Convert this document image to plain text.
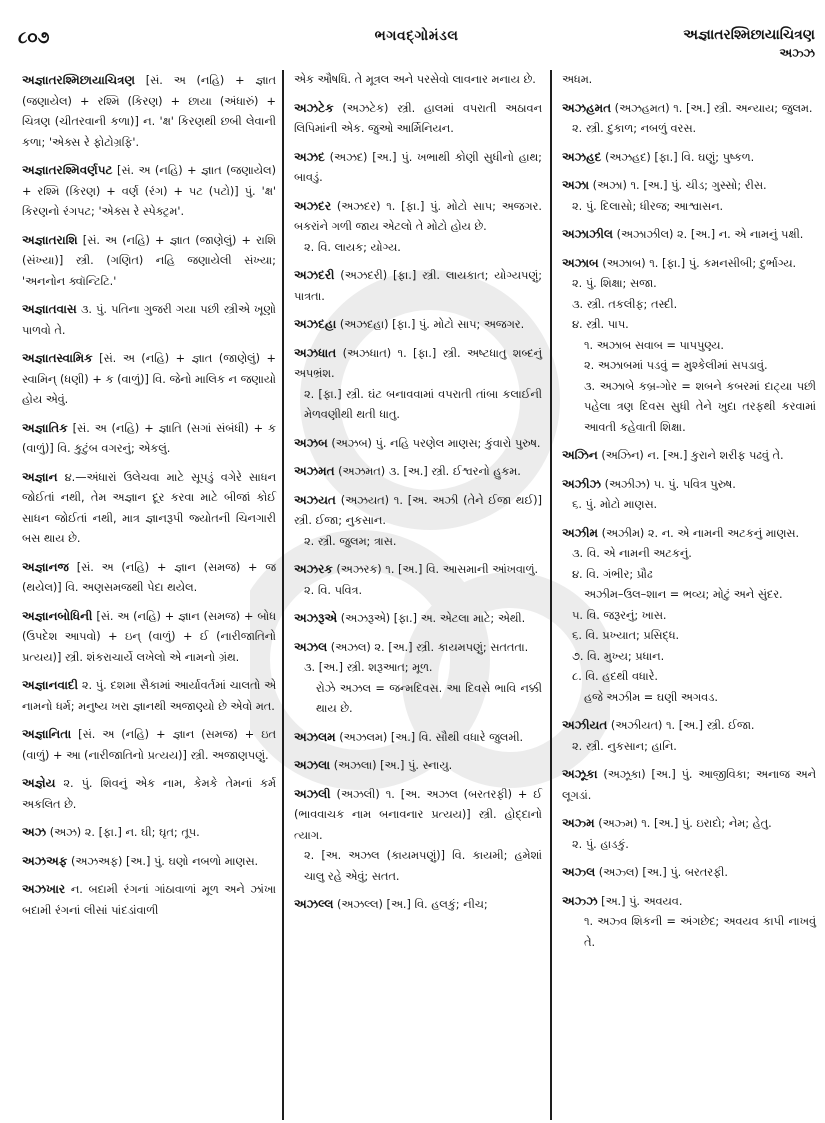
૮૦૭	ભગવદ્ગોમંડલ	અજ્ઞાતરશ્મિછાયાચિત્રણ
અઝ્ઝ
અજ્ઞાતરશ્મિછાયાચિત્રણ [સં. અ (નહિ) + જ્ઞાત (જણાયેલ) + રશ્મિ (કિરણ) + છાયા (અંધારું) + ચિત્રણ (ચીતરવાની કળા)] ન. 'ક્ષ' કિરણથી છબી લેવાની કળા; 'એક્સ રે ફોટોગ્રફિ'.
અજ્ઞાતરશ્મિવર્ણપટ [સં. અ (નહિ) + જ્ઞાત (જણાયેલ) + રશ્મિ (કિરણ) + વર્ણ (રંગ) + પટ (પટો)] પું. 'ક્ષ' કિરણનો રંગપટ; 'એક્સ રે સ્પેક્ટ્રમ'.
અજ્ઞાતરાશિ [સં. અ (નહિ) + જ્ઞાત (જાણેલું) + રાશિ (સંખ્યા)] સ્ત્રી. (ગણિત) નહિ જણાયેલી સંખ્યા; 'અનનોન ક્વૉન્ટિટિ.'
અજ્ઞાતવાસ ૩. પું. પતિના ગુજરી ગયા પછી સ્ત્રીએ ખૂણો પાળવો તે.
અજ્ઞાતસ્વામિક [સં. અ (નહિ) + જ્ઞાત (જાણેલું) + સ્વામિન્ (ધણી) + ક (વાળું)] વિ. જેનો માલિક ન જણાયો હોય એવું.
અજ્ઞાતિક [સં. અ (નહિ) + જ્ઞાતિ (સગાં સંબંધી) + ક (વાળું)] વિ. કુટુંબ વગરનું; એકલું.
અજ્ઞાન ૪.—અંધારાં ઉલેચવા માટે સૂપડું વગેરે સાધન જોઈતાં નથી, તેમ અજ્ઞાન દૂર કરવા માટે બીજાં કોઈ સાધન જોઈતાં નથી, માત્ર જ્ઞાનરૂપી જ્યોતની ચિનગારી બસ થાય છે.
અજ્ઞાનજ [સં. અ (નહિ) + જ્ઞાન (સમજ) + જ (થયેલ)] વિ. અણસમજથી પેદા થયેલ.
અજ્ઞાનબોધિની [સં. અ (નહિ) + જ્ઞાન (સમજ) + બોધ (ઉપદેશ આપવો) + ઇન્ (વાળું) + ઈ (નારીજાતિનો પ્રત્યય)] સ્ત્રી. શંકરાચાર્યે લખેલો એ નામનો ગ્રંથ.
અજ્ઞાનવાદી ૨. પું. દશમા સૈકામાં આર્યાવર્તમાં ચાલતો એ નામનો ધર્મ; મનુષ્ય ખરા જ્ઞાનથી અજાણ્યો છે એવો મત.
અજ્ઞાનિતા [સં. અ (નહિ) + જ્ઞાન (સમજ) + ઇત (વાળું) + આ (નારીજાતિનો પ્રત્યય)] સ્ત્રી. અજાણપણું.
અજ્ઞેય ૨. પું. શિવનું એક નામ, કેમકે તેમનાં કર્મ અકલિત છે.
અઝ (અઝ) ૨. [ફા.] ન. ઘી; ઘૃત; તૂપ.
અઝઅફ (અઝઅફ) [અ.] પું. ઘણો નબળો માણસ.
અઝખાર ન. બદામી રંગનાં ગાંઠાવાળાં મૂળ અને ઝાંખા બદામી રંગનાં લીસાં પાંદડાંવાળી
એક ઔષધિ. તે મૂત્રલ અને પરસેવો લાવનાર મનાય છે.
અઝટેક (અઝટેક) સ્ત્રી. હાલમાં વપરાતી અઠાવન લિપિમાંની એક. જુઓ આર્મિનિયન.
અઝદ (અઝદ) [અ.] પું. ખભાથી કોણી સુધીનો હાથ; બાવડું.
અઝદર (અઝદર) ૧. [ફા.] પું. મોટો સાપ; અજગર. બકરાંને ગળી જાય એટલો તે મોટો હોય છે.
૨. વિ. લાયક; યોગ્ય.
અઝદરી (અઝદરી) [ફા.] સ્ત્રી. લાયકાત; યોગ્યપણું; પાત્રતા.
અઝદહા (અઝદહા) [ફા.] પું. મોટો સાપ; અજગર.
અઝધાત (અઝધાત) ૧. [ફા.] સ્ત્રી. અષ્ટધાતુ શબ્દનું અપભ્રંશ.
૨. [ફા.] સ્ત્રી. ઘંટ બનાવવામાં વપરાતી તાંબા કલાઈની મેળવણીથી થતી ધાતુ.
અઝબ (અઝબ) પું. નહિ પરણેલ માણસ; કુંવારો પુરુષ.
અઝમત (અઝમત) ૩. [અ.] સ્ત્રી. ઈશ્વરનો હુકમ.
અઝયત (અઝયત) ૧. [અ. અઝી (તેને ઈજા થઈ)] સ્ત્રી. ઈજા; નુકસાન.
૨. સ્ત્રી. જુલમ; ત્રાસ.
અઝરક (અઝરક) ૧. [અ.] વિ. આસમાની આંખવાળું.
૨. વિ. પવિત્ર.
અઝરૂએ (અઝરૂએ) [ફા.] અ. એટલા માટે; એથી.
અઝલ (અઝલ) ૨. [અ.] સ્ત્રી. કાયમપણું; સતતતા.
૩. [અ.] સ્ત્રી. શરૂઆત; મૂળ.
રોઝે અઝલ = જન્મદિવસ. આ દિવસે ભાવિ નક્કી થાય છે.
અઝલમ (અઝલમ) [અ.] વિ. સૌથી વધારે જુલમી.
અઝલા (અઝલા) [અ.] પું. સ્નાયુ.
અઝલી (અઝલી) ૧. [અ. અઝલ (બરતરફી) + ઈ (ભાવવાચક નામ બનાવનાર પ્રત્યય)] સ્ત્રી. હોદ્દાનો ત્યાગ.
૨. [અ. અઝલ (કાયમપણું)] વિ. કાયમી; હમેશાં ચાલુ રહે એવું; સતત.
અઝલ્લ (અઝલ્લ) [અ.] વિ. હલકું; નીચ;
અધમ.
અઝહમત (અઝહમત) ૧. [અ.] સ્ત્રી. અન્યાય; જુલમ.
૨. સ્ત્રી. દુકાળ; નબળું વરસ.
અઝહદ (અઝહદ) [ફા.] વિ. ઘણું; પુષ્કળ.
અઝા (અઝા) ૧. [અ.] પું. ચીડ; ગુસ્સો; રીસ.
૨. પું. દિલાસો; ધીરજ; આશ્વાસન.
અઝાઝીલ (અઝાઝીલ) ૨. [અ.] ન. એ નામનું પક્ષી.
અઝાબ (અઝાબ) ૧. [ફા.] પું. કમનસીબી; દુર્ભાગ્ય.
૨. પું. શિક્ષા; સજા.
૩. સ્ત્રી. તકલીફ; તસ્દી.
૪. સ્ત્રી. પાપ.
૧. અઝાબ સવાબ = પાપપુણ્ય.
૨. અઝાબમાં પડવું = મુશ્કેલીમાં સપડાવું.
૩. અઝાબે કબ્ર-ગોર = શબને કબરમાં દાટ્યા પછી પહેલા ત્રણ દિવસ સુધી તેને ખુદા તરફથી કરવામાં આવતી કહેવાતી શિક્ષા.
અઝિન (અઝિન) ન. [અ.] કુરાને શરીફ પઢવું તે.
અઝીઝ (અઝીઝ) ૫. પું. પવિત્ર પુરુષ.
૬. પું. મોટો માણસ.
અઝીમ (અઝીમ) ૨. ન. એ નામની અટકનું માણસ.
૩. વિ. એ નામની અટકનું.
૪. વિ. ગંભીર; પ્રૌઢ
અઝીમ–ઉલ–શાન = ભવ્ય; મોટું અને સુંદર.
૫. વિ. જરૂરનું; ખાસ.
૬. વિ. પ્રખ્યાત; પ્રસિદ્ધ.
૭. વિ. મુખ્ય; પ્રધાન.
૮. વિ. હદથી વધારે.
હજે અઝીમ = ઘણી અગવડ.
અઝીયત (અઝીયત) ૧. [અ.] સ્ત્રી. ઈજા.
૨. સ્ત્રી. નુકસાન; હાનિ.
અઝૂકા (અઝૂકા) [અ.] પું. આજીવિકા; અનાજ અને લૂગડાં.
અઝ્મ (અઝ્મ) ૧. [અ.] પું. ઇરાદો; નેમ; હેતુ.
૨. પું. હાડકું.
અઝ્લ (અઝ્લ) [અ.] પું. બરતરફી.
અઝ્ઝ [અ.] પું. અવયવ.
૧. અઝ્વ શિકની = અંગછેદ; અવયવ કાપી નાખવું તે.
